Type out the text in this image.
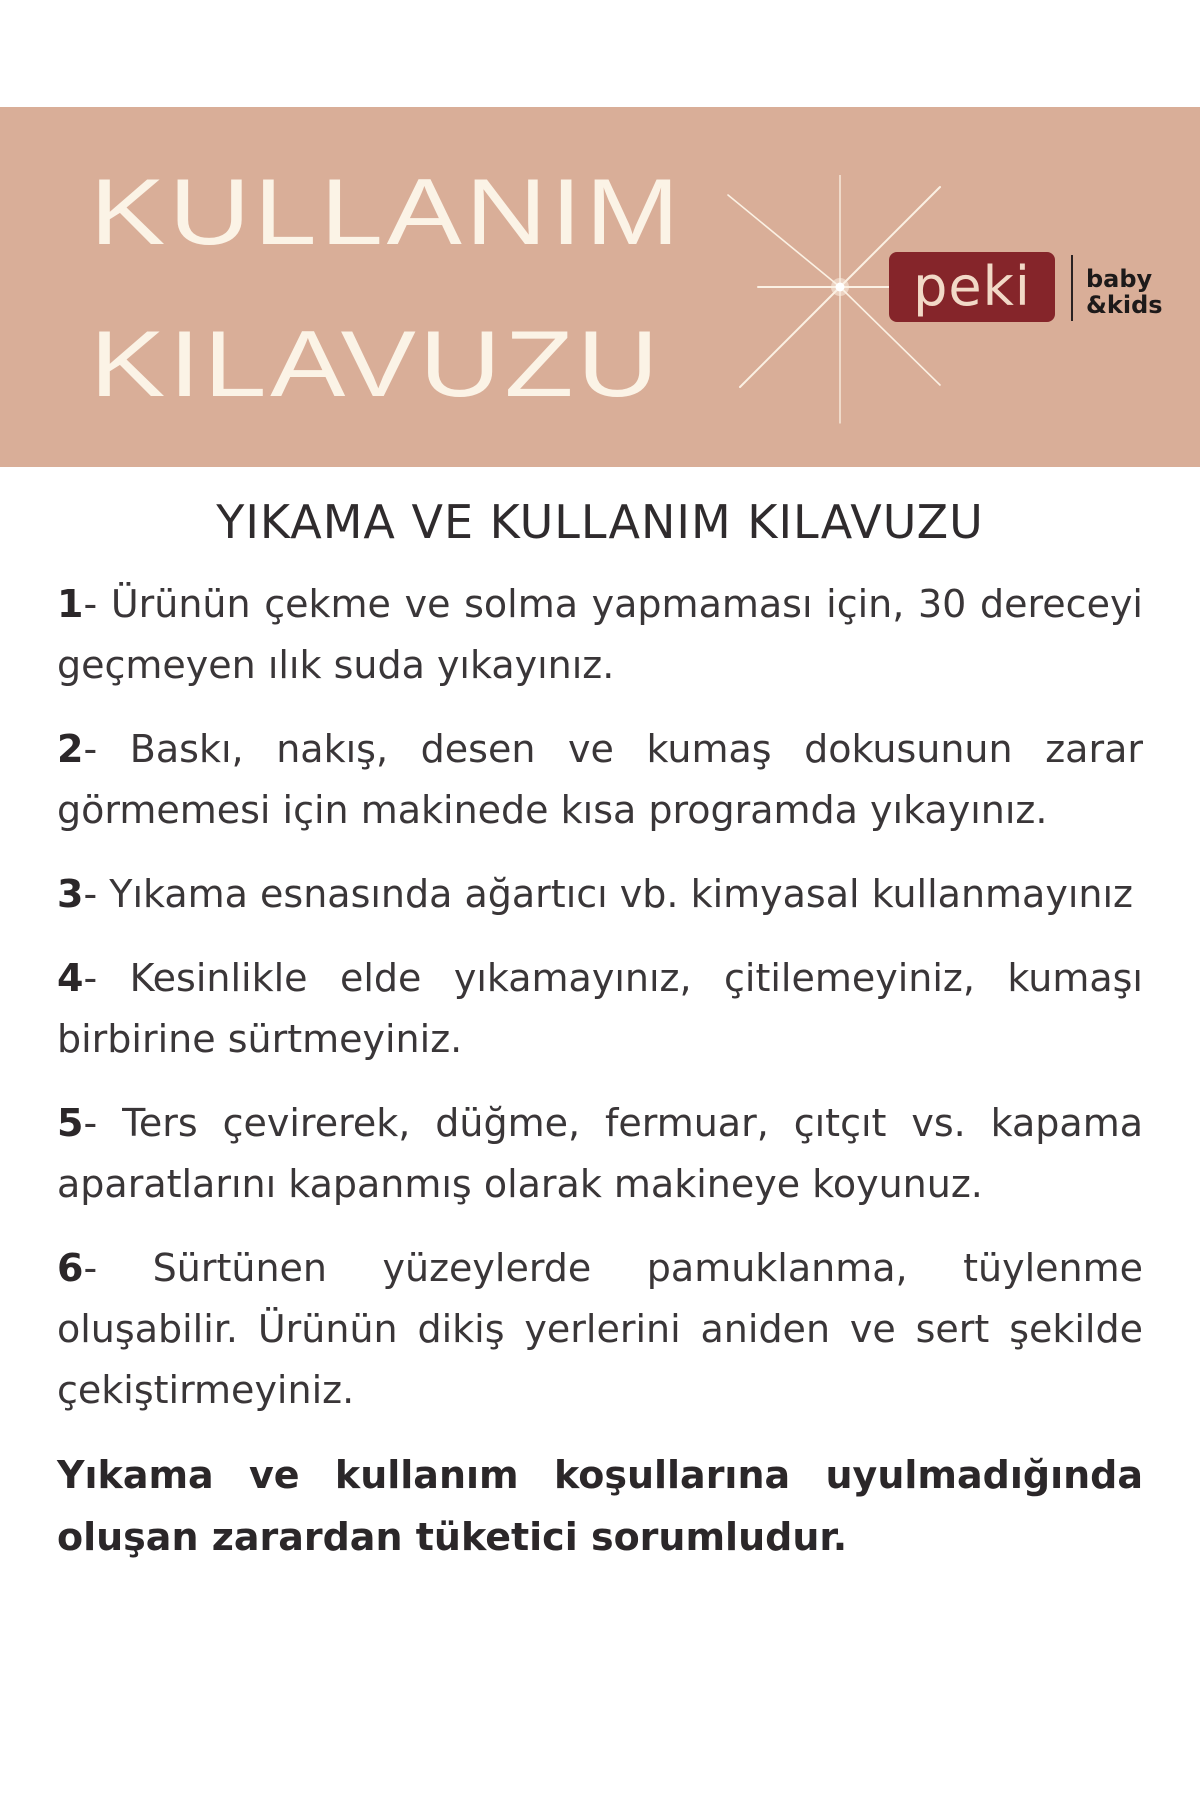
KULLANIM
KILAVUZU
peki	baby
&kids
YIKAMA VE KULLANIM KILAVUZU

1- Ürünün çekme ve solma yapmaması için, 30 dereceyi geçmeyen ılık suda yıkayınız.

2- Baskı, nakış, desen ve kumaş dokusunun zarar görmemesi için makinede kısa programda yıkayınız.

3- Yıkama esnasında ağartıcı vb. kimyasal kullanmayınız

4- Kesinlikle elde yıkamayınız, çitilemeyiniz, kumaşı birbirine sürtmeyiniz.

5- Ters çevirerek, düğme, fermuar, çıtçıt vs. kapama aparatlarını kapanmış olarak makineye koyunuz.

6- Sürtünen yüzeylerde pamuklanma, tüylenme oluşabilir. Ürünün dikiş yerlerini aniden ve sert şekilde çekiştirmeyiniz.

Yıkama ve kullanım koşullarına uyulmadığında oluşan zarardan tüketici sorumludur.
